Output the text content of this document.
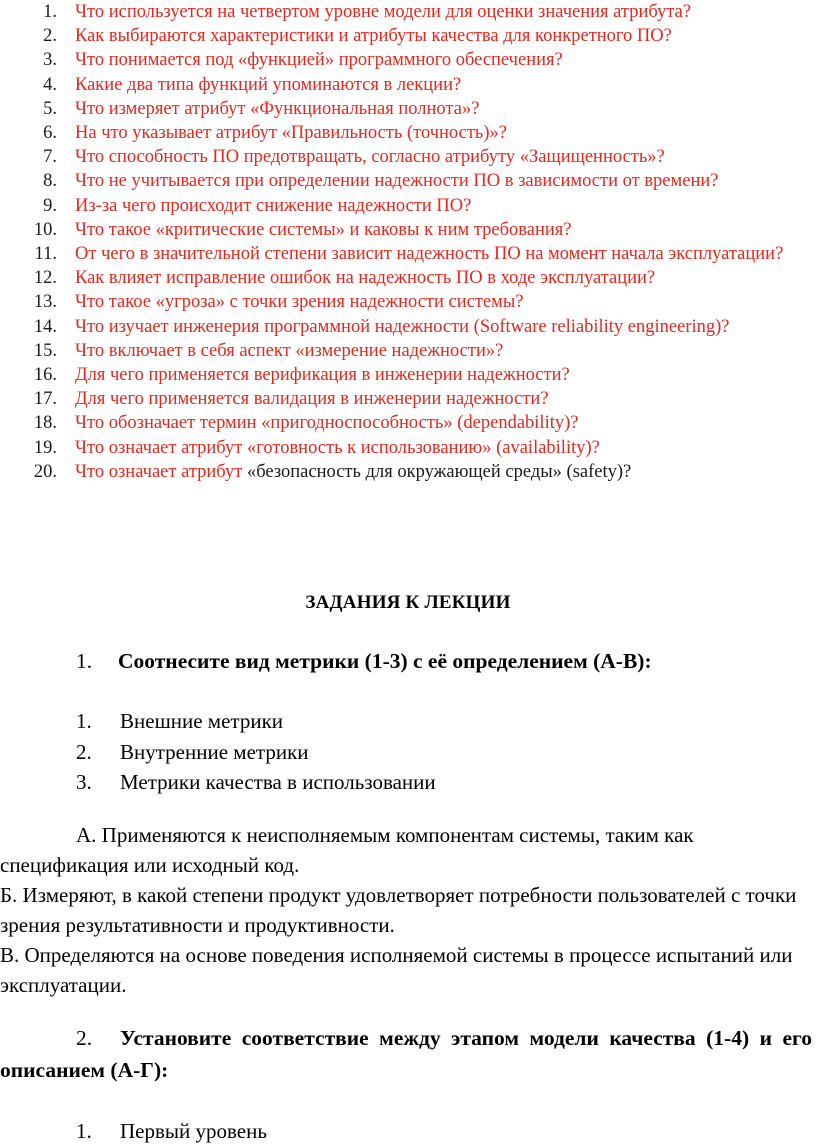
1. Что используется на четвертом уровне модели для оценки значения атрибута?
2. Как выбираются характеристики и атрибуты качества для конкретного ПО?
3. Что понимается под «функцией» программного обеспечения?
4. Какие два типа функций упоминаются в лекции?
5. Что измеряет атрибут «Функциональная полнота»?
6. На что указывает атрибут «Правильность (точность)»?
7. Что способность ПО предотвращать, согласно атрибуту «Защищенность»?
8. Что не учитывается при определении надежности ПО в зависимости от времени?
9. Из-за чего происходит снижение надежности ПО?
10. Что такое «критические системы» и каковы к ним требования?
11. От чего в значительной степени зависит надежность ПО на момент начала эксплуатации?
12. Как влияет исправление ошибок на надежность ПО в ходе эксплуатации?
13. Что такое «угроза» с точки зрения надежности системы?
14. Что изучает инженерия программной надежности (Software reliability engineering)?
15. Что включает в себя аспект «измерение надежности»?
16. Для чего применяется верификация в инженерии надежности?
17. Для чего применяется валидация в инженерии надежности?
18. Что обозначает термин «пригодноспособность» (dependability)?
19. Что означает атрибут «готовность к использованию» (availability)?
20. Что означает атрибут «безопасность для окружающей среды» (safety)?
ЗАДАНИЯ К ЛЕКЦИИ
1. Соотнесите вид метрики (1-3) с её определением (А-В):
1. Внешние метрики
2. Внутренние метрики
3. Метрики качества в использовании

А. Применяются к неисполняемым компонентам системы, таким как спецификация или исходный код.

Б. Измеряют, в какой степени продукт удовлетворяет потребности пользователей с точки зрения результативности и продуктивности.

В. Определяются на основе поведения исполняемой системы в процессе испытаний или эксплуатации.

2. Установите соответствие между этапом модели качества (1-4) и его описанием (А-Г):
1. Первый уровень
